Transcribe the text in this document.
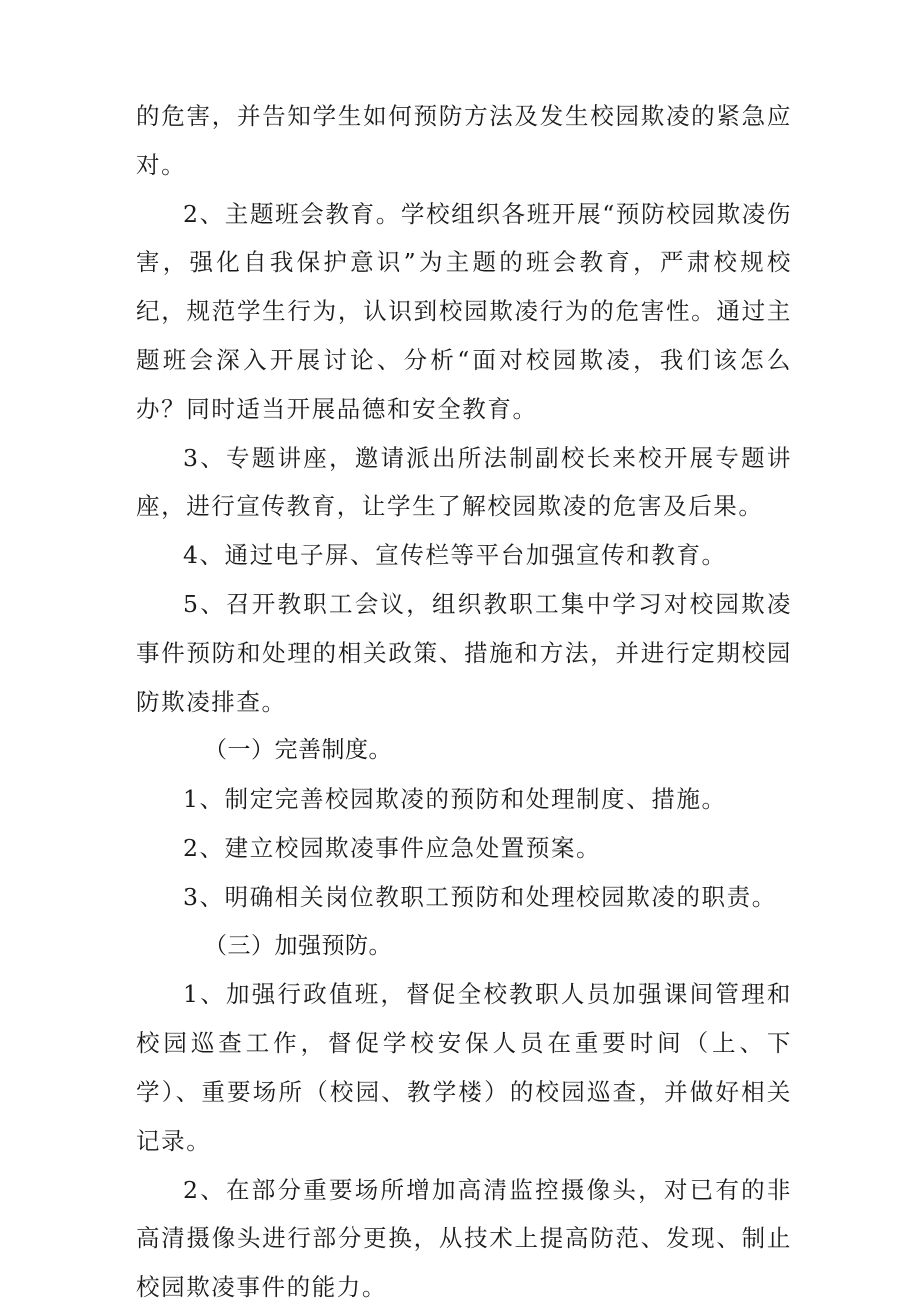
的危害，并告知学生如何预防方法及发生校园欺凌的紧急应对。

2、主题班会教育。学校组织各班开展“预防校园欺凌伤害，强化自我保护意识”为主题的班会教育，严肃校规校纪，规范学生行为，认识到校园欺凌行为的危害性。通过主题班会深入开展讨论、分析“面对校园欺凌，我们该怎么办？同时适当开展品德和安全教育。

3、专题讲座，邀请派出所法制副校长来校开展专题讲座，进行宣传教育，让学生了解校园欺凌的危害及后果。

4、通过电子屏、宣传栏等平台加强宣传和教育。

5、召开教职工会议，组织教职工集中学习对校园欺凌事件预防和处理的相关政策、措施和方法，并进行定期校园防欺凌排查。

（一）完善制度。

1、制定完善校园欺凌的预防和处理制度、措施。

2、建立校园欺凌事件应急处置预案。

3、明确相关岗位教职工预防和处理校园欺凌的职责。

（三）加强预防。

1、加强行政值班，督促全校教职人员加强课间管理和校园巡查工作，督促学校安保人员在重要时间（上、下学）、重要场所（校园、教学楼）的校园巡查，并做好相关记录。

2、在部分重要场所增加高清监控摄像头，对已有的非高清摄像头进行部分更换，从技术上提高防范、发现、制止校园欺凌事件的能力。
